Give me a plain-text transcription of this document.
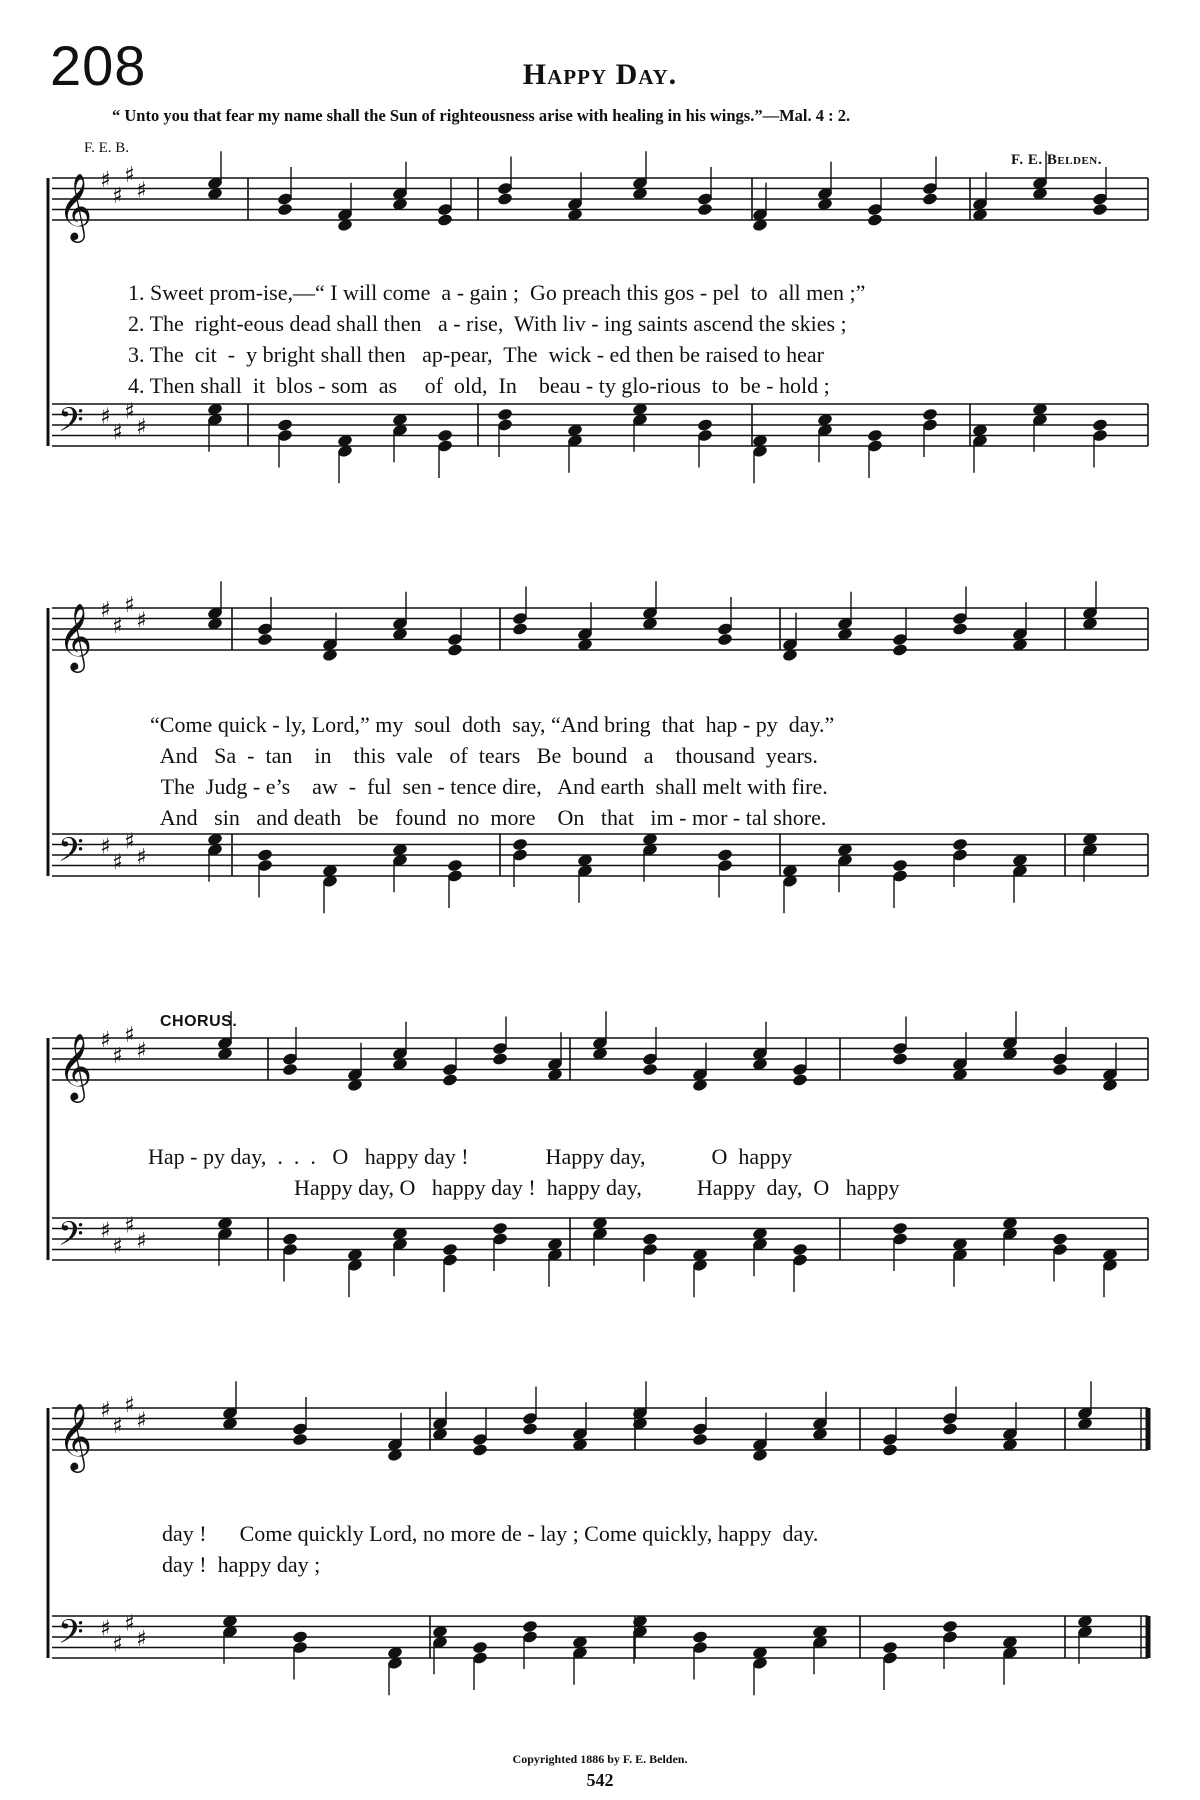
208	Happy Day.
“ Unto you that fear my name shall the Sun of righteousness arise with healing in his wings.”—Mal. 4 : 2.
F. E. B.
F. E. Belden.
𝄞 ♯
♯
♯
♯
𝄢 ♯
♯
♯
♯
1. Sweet prom-ise,—“ I will come  a - gain ;  Go preach this gos - pel  to  all men ;”
2. The  right-eous dead shall then   a - rise,  With liv - ing saints ascend the skies ;
3. The  cit  -  y bright shall then   ap-pear,  The  wick - ed then be raised to hear
4. Then shall  it  blos - som  as     of  old,  In    beau - ty glo-rious  to  be - hold ;
𝄞 ♯
♯
♯
♯
𝄢 ♯
♯
♯
♯
“Come quick - ly, Lord,” my  soul  doth  say, “And bring  that  hap - py  day.”
And   Sa  -  tan    in    this  vale   of  tears   Be  bound   a    thousand  years.
The  Judg - e’s    aw  -  ful  sen - tence dire,   And earth  shall melt with fire.
And   sin   and death   be   found  no  more    On   that   im - mor - tal shore.
CHORUS.
𝄞 ♯
♯
♯
♯
𝄢 ♯
♯
♯
♯
Hap - py day,  .  .  .   O   happy day !              Happy day,            O  happy
Happy day, O   happy day !  happy day,          Happy  day,  O   happy
𝄞 ♯
♯
♯
♯
𝄢 ♯
♯
♯
♯
day !      Come quickly Lord, no more de - lay ; Come quickly, happy  day.
day !  happy day ;
Copyrighted 1886 by F. E. Belden.
542
